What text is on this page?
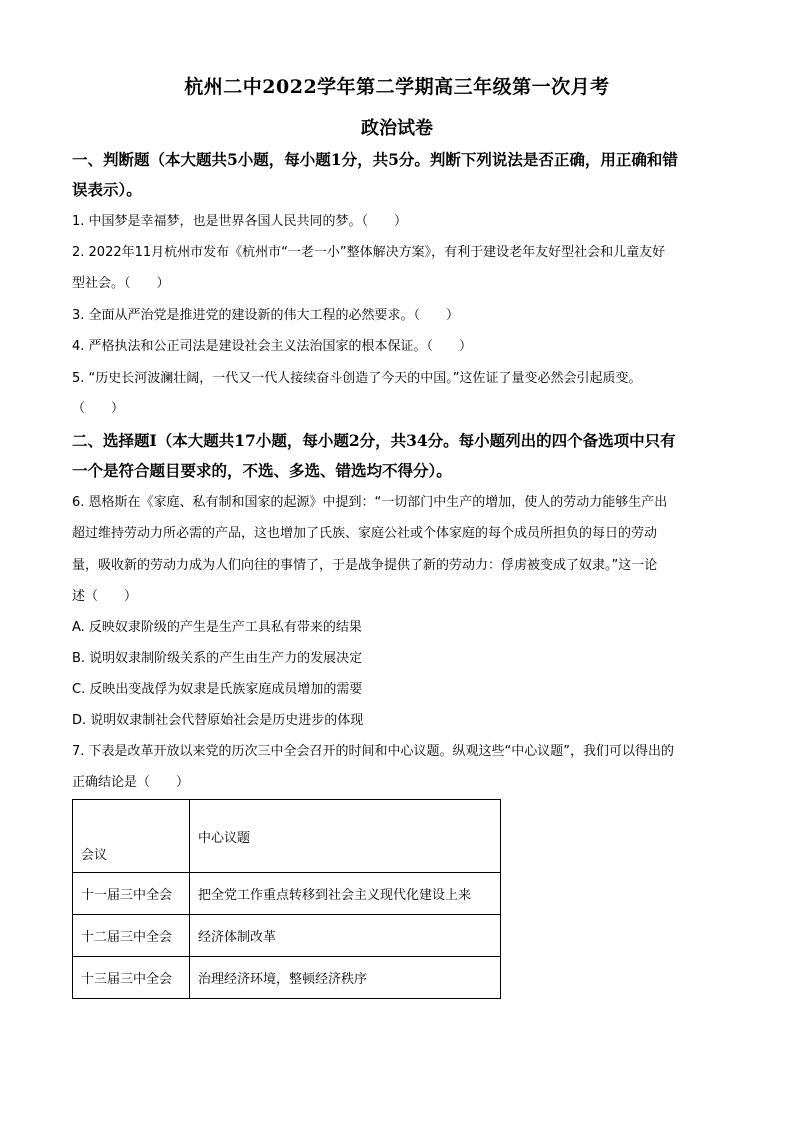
杭州二中2022学年第二学期高三年级第一次月考
政治试卷
一、判断题（本大题共5小题，每小题1分，共5分。判断下列说法是否正确，用正确和错
误表示）。
1. 中国梦是幸福梦，也是世界各国人民共同的梦。（　　）
2. 2022年11月杭州市发布《杭州市“一老一小”整体解决方案》，有利于建设老年友好型社会和儿童友好
型社会。（　　）
3. 全面从严治党是推进党的建设新的伟大工程的必然要求。（　　）
4. 严格执法和公正司法是建设社会主义法治国家的根本保证。（　　）
5. “历史长河波澜壮阔，一代又一代人接续奋斗创造了今天的中国。”这佐证了量变必然会引起质变。
（　　）
二、选择题Ⅰ（本大题共17小题，每小题2分，共34分。每小题列出的四个备选项中只有
一个是符合题目要求的，不选、多选、错选均不得分）。
6. 恩格斯在《家庭、私有制和国家的起源》中提到：“一切部门中生产的增加，使人的劳动力能够生产出
超过维持劳动力所必需的产品，这也增加了氏族、家庭公社或个体家庭的每个成员所担负的每日的劳动
量，吸收新的劳动力成为人们向往的事情了，于是战争提供了新的劳动力：俘虏被变成了奴隶。”这一论
述（　　）
A. 反映奴隶阶级的产生是生产工具私有带来的结果
B. 说明奴隶制阶级关系的产生由生产力的发展决定
C. 反映出变战俘为奴隶是氏族家庭成员增加的需要
D. 说明奴隶制社会代替原始社会是历史进步的体现
7. 下表是改革开放以来党的历次三中全会召开的时间和中心议题。纵观这些“中心议题”，我们可以得出的
正确结论是（　　）
会议	中心议题
十一届三中全会	把全党工作重点转移到社会主义现代化建设上来
十二届三中全会	经济体制改革
十三届三中全会	治理经济环境，整顿经济秩序
